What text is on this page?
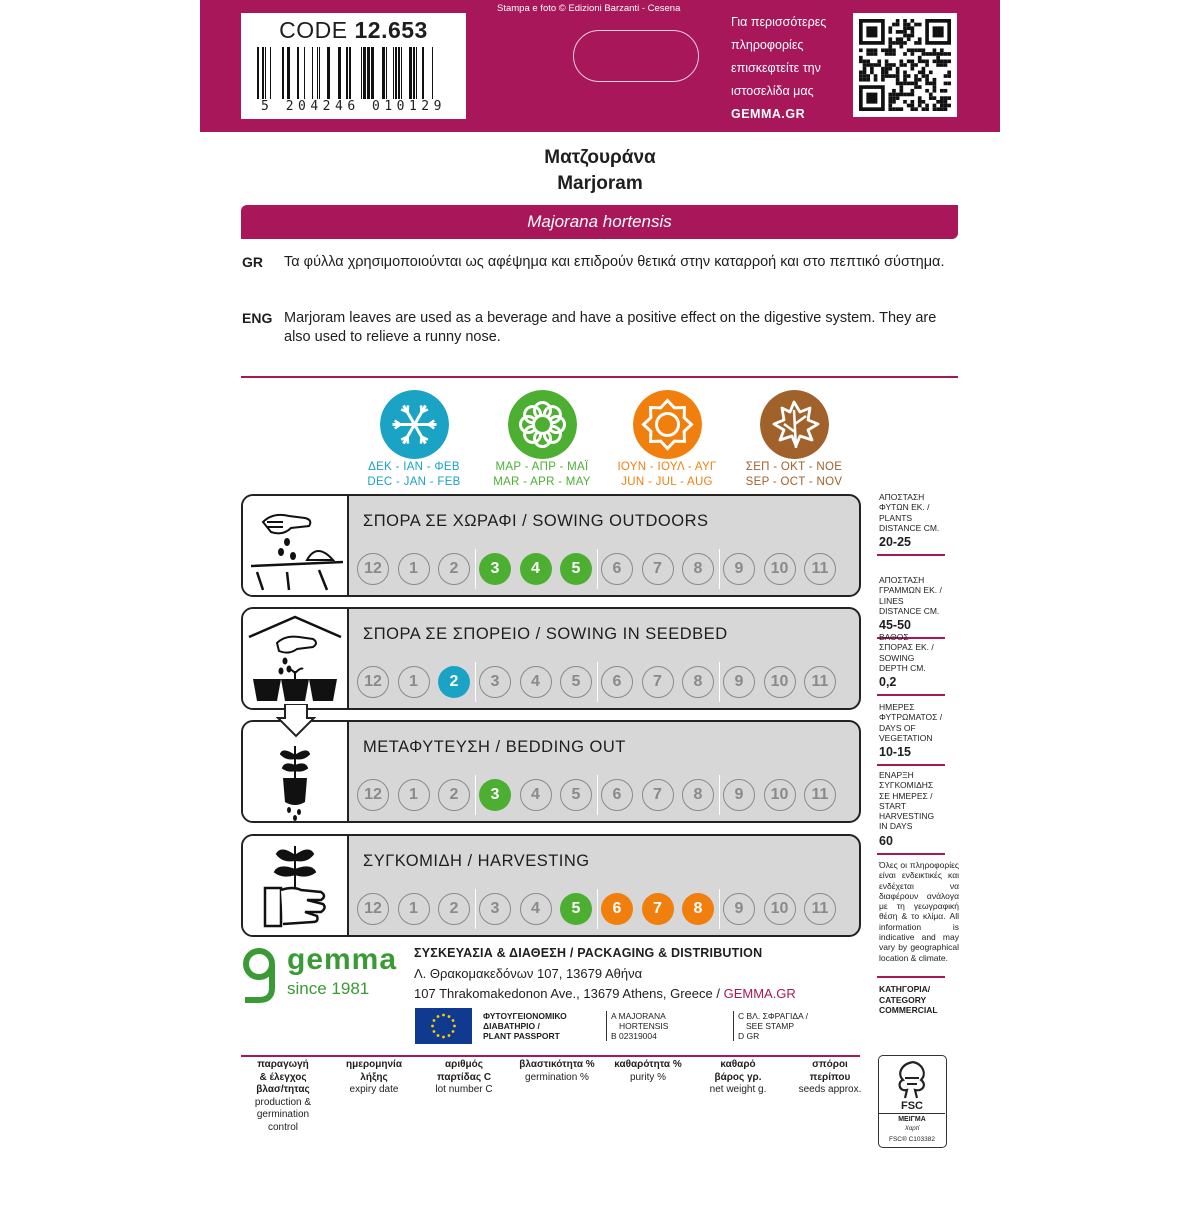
CODE 12.653
5 204246 010129 ΚΩΔ. 16.837
Stampa e foto © Edizioni Barzanti - Cesena
Για περισσότερες
πληροφορίες
επισκεφτείτε την
ιστοσελίδα μας
GEMMA.GR
Ματζουράνα
Marjoram
Majorana hortensis
GR Τα φύλλα χρησιμοποιούνται ως αφέψημα και επιδρούν θετικά στην καταρροή και στο πεπτικό σύστημα.
ENG Marjoram leaves are used as a beverage and have a positive effect on the digestive system. They are also used to relieve a runny nose.
ΔΕΚ - ΙΑΝ - ΦΕΒ
DEC - JAN - FEB
ΜΑΡ - ΑΠΡ - ΜΑΪ
MAR - APR - MAY
ΙΟΥΝ - ΙΟΥΛ - ΑΥΓ
JUN - JUL - AUG
ΣΕΠ - ΟΚΤ - ΝΟΕ
SEP - OCT - NOV
ΣΠΟΡΑ ΣΕ ΧΩΡΑΦΙ / SOWING OUTDOORS
12	1	2	3	4	5	6	7	8	9	10	11
ΣΠΟΡΑ ΣΕ ΣΠΟΡΕΙΟ / SOWING IN SEEDBED
12	1	2	3	4	5	6	7	8	9	10	11
ΜΕΤΑΦΥΤΕΥΣΗ / BEDDING OUT
12	1	2	3	4	5	6	7	8	9	10	11
ΣΥΓΚΟΜΙΔΗ / HARVESTING
12	1	2	3	4	5	6	7	8	9	10	11
ΑΠΟΣΤΑΣΗ
ΦΥΤΩΝ ΕΚ. /
PLANTS
DISTANCE CM.
20-25
ΑΠΟΣΤΑΣΗ
ΓΡΑΜΜΩΝ ΕΚ. /
LINES
DISTANCE CM.
45-50
ΒΑΘΟΣ
ΣΠΟΡΑΣ ΕΚ. /
SOWING
DEPTH CM.
0,2
ΗΜΕΡΕΣ
ΦΥΤΡΩΜΑΤΟΣ /
DAYS OF
VEGETATION
10-15
ΕΝΑΡΞΗ
ΣΥΓΚΟΜΙΔΗΣ
ΣΕ ΗΜΕΡΕΣ /
START
HARVESTING
IN DAYS
60
Όλες οι πληροφορίες είναι ενδεικτικές και ενδέχεται να διαφέρουν ανάλογα με τη γεωγραφική θέση & το κλίμα. All information is indicative and may vary by geographical location & climate.
ΚΑΤΗΓΟΡΙΑ/ CATEGORY
COMMERCIAL
gemma
since 1981
ΣΥΣΚΕΥΑΣΙΑ & ΔΙΑΘΕΣΗ / PACKAGING & DISTRIBUTION
Λ. Θρακομακεδόνων 107, 13679 Αθήνα
107 Thrakomakedonon Ave., 13679 Athens, Greece / GEMMA.GR
ΦΥΤΟΥΓΕΙΟΝΟΜΙΚΟ
ΔΙΑΒΑΤΗΡΙΟ /
PLANT PASSPORT
A MAJORANA
HORTENSIS
B 02319004
C ΒΛ. ΣΦΡΑΓΙΔΑ /
SEE STAMP
D GR
παραγωγή
& έλεγχος
βλασ/τητας
production &
germination
control
ημερομηνία
λήξης
expiry date
αριθμός
παρτίδας C
lot number C
βλαστικότητα %
germination %
καθαρότητα %
purity %
καθαρό
βάρος γρ.
net weight g.
σπόροι
περίπου
seeds approx.
FSC
ΜΕΙΓΜΑ
Χαρτί
FSC® C103382
